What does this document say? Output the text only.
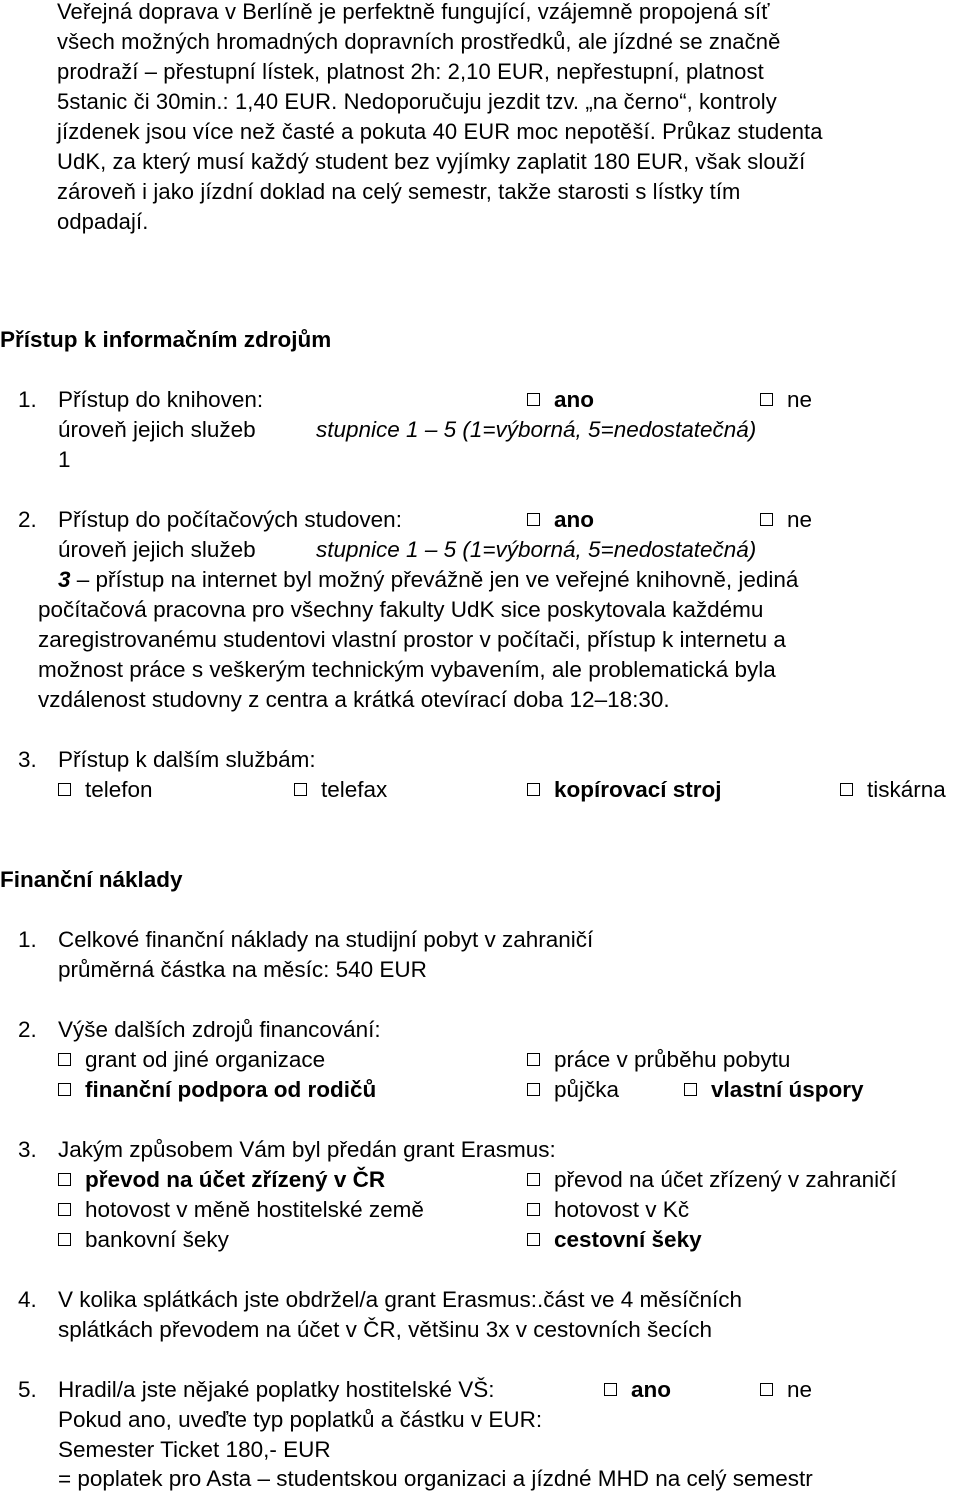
Veřejná doprava v Berlíně je perfektně fungující, vzájemně propojená síť
všech možných hromadných dopravních prostředků, ale jízdné se značně
prodraží – přestupní lístek, platnost 2h: 2,10 EUR, nepřestupní, platnost
5stanic či 30min.: 1,40 EUR. Nedoporučuju jezdit tzv. „na černo“, kontroly
jízdenek jsou více než časté a pokuta 40 EUR moc nepotěší. Průkaz studenta
UdK, za který musí každý student bez vyjímky zaplatit 180 EUR, však slouží
zároveň i jako jízdní doklad na celý semestr, takže starosti s lístky tím
odpadají.
Přístup k informačním zdrojům
1. Přístup do knihoven:	ano	ne
úroveň jejich služeb	stupnice 1 – 5 (1=výborná, 5=nedostatečná)
1
2. Přístup do počítačových studoven:	ano	ne
úroveň jejich služeb	stupnice 1 – 5 (1=výborná, 5=nedostatečná)
3 – přístup na internet byl možný převážně jen ve veřejné knihovně, jediná
počítačová pracovna pro všechny fakulty UdK sice poskytovala každému
zaregistrovanému studentovi vlastní prostor v počítači, přístup k internetu a
možnost práce s veškerým technickým vybavením, ale problematická byla
vzdálenost studovny z centra a krátká otevírací doba 12–18:30.
3. Přístup k dalším službám:
telefon	telefax	kopírovací stroj	tiskárna
Finanční náklady
1. Celkové finanční náklady na studijní pobyt v zahraničí
průměrná částka na měsíc: 540 EUR
2. Výše dalších zdrojů financování:
grant od jiné organizace	práce v průběhu pobytu
finanční podpora od rodičů	půjčka	vlastní úspory
3. Jakým způsobem Vám byl předán grant Erasmus:
převod na účet zřízený v ČR	převod na účet zřízený v zahraničí
hotovost v měně hostitelské země	hotovost v Kč
bankovní šeky	cestovní šeky
4. V kolika splátkách jste obdržel/a grant Erasmus:.část ve 4 měsíčních
splátkách převodem na účet v ČR, většinu 3x v cestovních šecích
5. Hradil/a jste nějaké poplatky hostitelské VŠ:	ano	ne
Pokud ano, uveďte typ poplatků a částku v EUR:
Semester Ticket 180,- EUR
= poplatek pro Asta – studentskou organizaci a jízdné MHD na celý semestr
